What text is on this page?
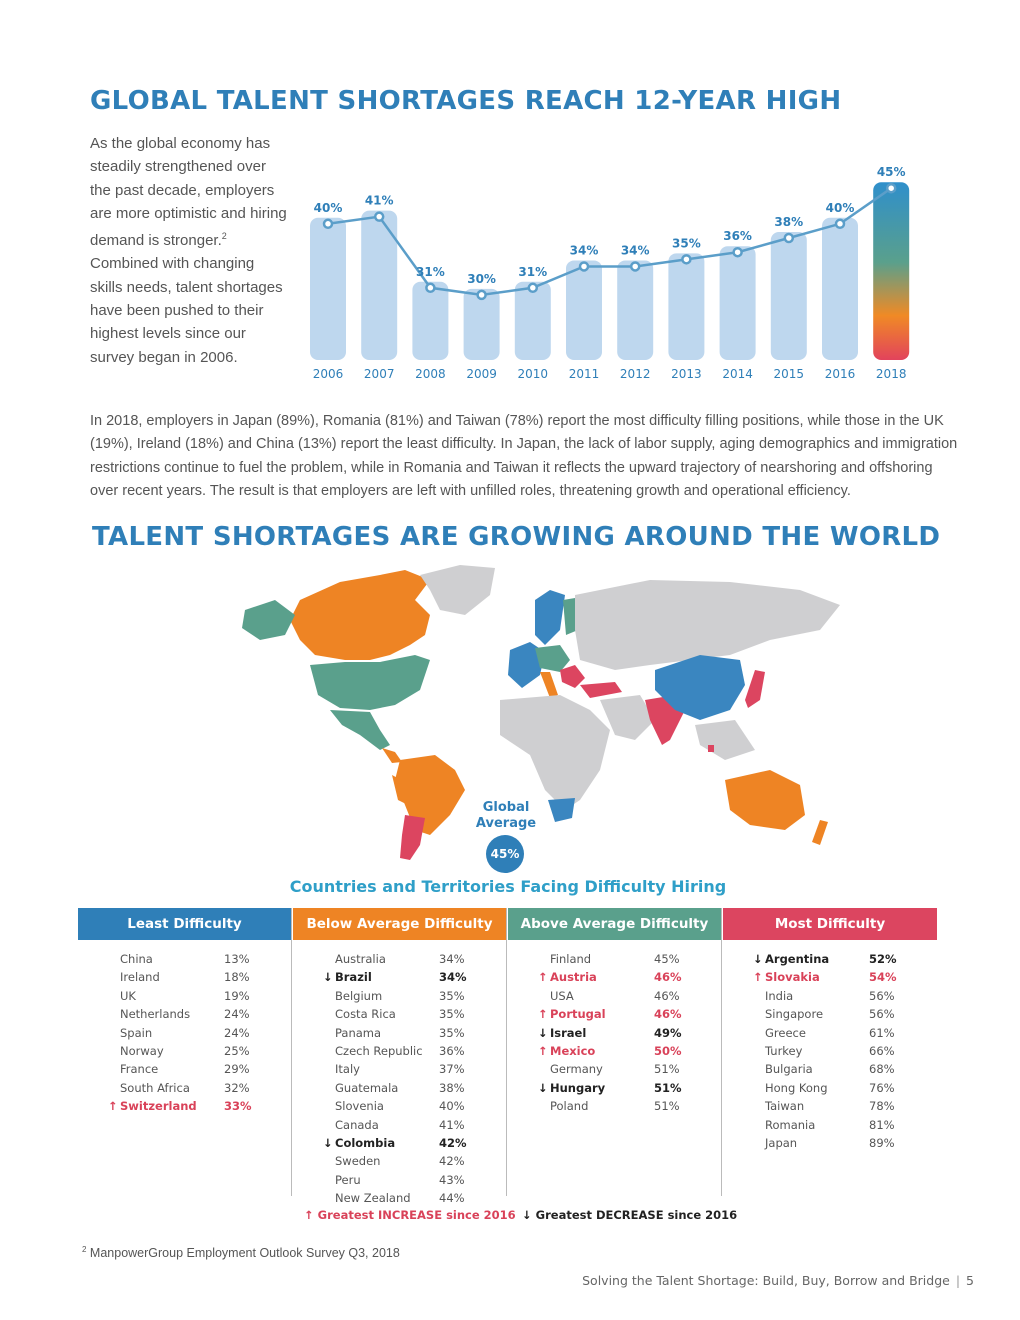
GLOBAL TALENT SHORTAGES REACH 12-YEAR HIGH
As the global economy has steadily strengthened over the past decade, employers are more optimistic and hiring demand is stronger.$^2$ Combined with changing skills needs, talent shortages have been pushed to their highest levels since our survey began in 2006.
40%
41%
31%
30%
31%
34% 34%
35%
36%
38%
40%
45%
2006 2007 2008 2009 2010 2011 2012 2013 2014 2015 2016 2018
In 2018, employers in Japan (89%), Romania (81%) and Taiwan (78%) report the most difficulty filling positions, while those in the UK (19%), Ireland (18%) and China (13%) report the least difficulty. In Japan, the lack of labor supply, aging demographics and immigration restrictions continue to fuel the problem, while in Romania and Taiwan it reflects the upward trajectory of nearshoring and offshoring over recent years. The result is that employers are left with unfilled roles, threatening growth and operational efficiency.
TALENT SHORTAGES ARE GROWING AROUND THE WORLD
Global
Average
45%
Countries and Territories Facing Difficulty Hiring
Least Difficulty
China	13%
Ireland	18%
UK	19%
Netherlands	24%
Spain	24%
Norway	25%
France	29%
South Africa	32%
↑ Switzerland 33%
Below Average Difficulty
Australia	34%
↓ Brazil	34%
Belgium	35%
Costa Rica	35%
Panama	35%
Czech Republic 36%
Italy	37%
Guatemala	38%
Slovenia	40%
Canada	41%
↓ Colombia	42%
Sweden	42%
Peru	43%
New Zealand 44%
Above Average Difficulty
Finland	45%
↑ Austria	46%
USA	46%
↑ Portugal	46%
↓ Israel	49%
↑ Mexico	50%
Germany	51%
↓ Hungary	51%
Poland	51%
Most Difficulty
↓ Argentina	52%
↑ Slovakia	54%
India	56%
Singapore	56%
Greece	61%
Turkey	66%
Bulgaria	68%
Hong Kong	76%
Taiwan	78%
Romania	81%
Japan	89%
↑ Greatest INCREASE since 2016 ↓ Greatest DECREASE since 2016
$^2$ ManpowerGroup Employment Outlook Survey Q3, 2018
Solving the Talent Shortage: Build, Buy, Borrow and Bridge | 5
